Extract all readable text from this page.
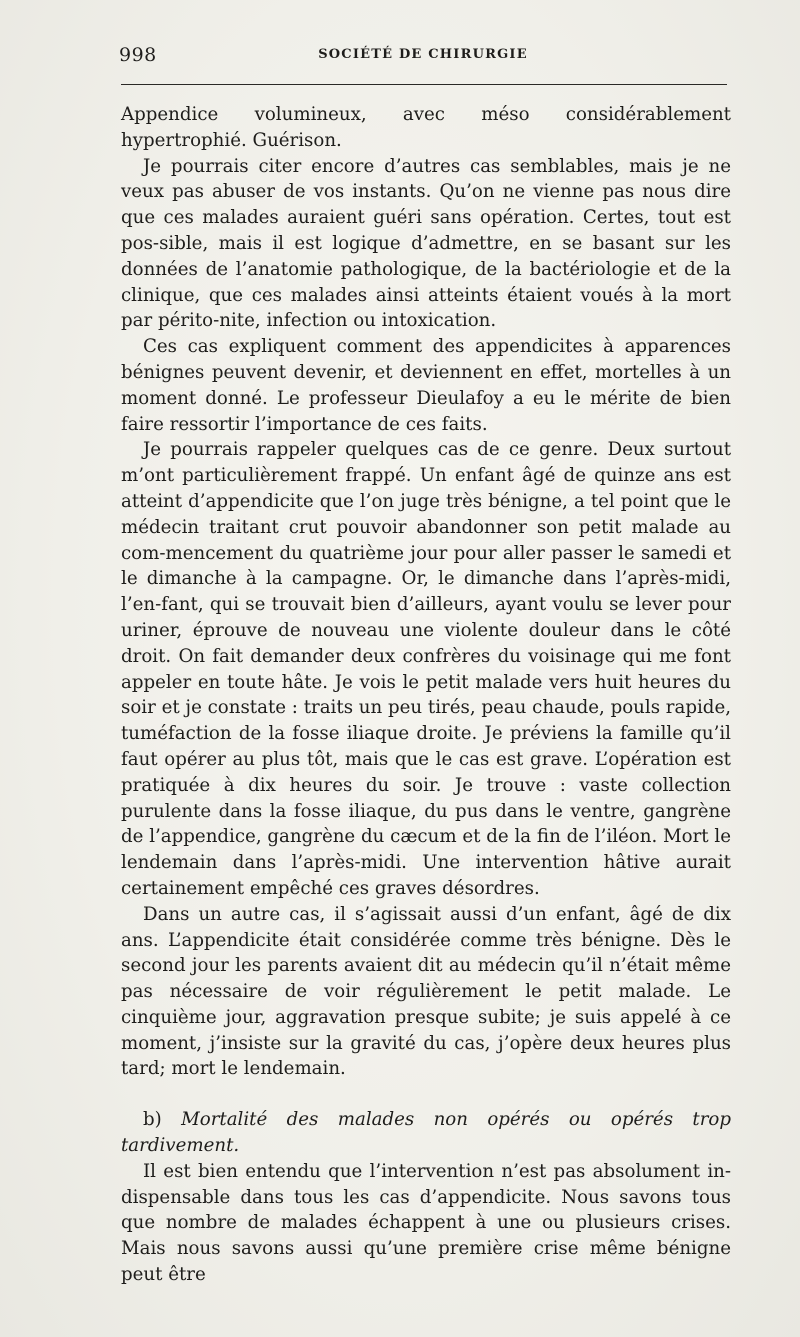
998	SOCIÉTÉ DE CHIRURGIE

Appendice volumineux, avec méso considérablement hypertrophié. Guérison.

Je pourrais citer encore d’autres cas semblables, mais je ne veux pas abuser de vos instants. Qu’on ne vienne pas nous dire que ces malades auraient guéri sans opération. Certes, tout est pos-sible, mais il est logique d’admettre, en se basant sur les données de l’anatomie pathologique, de la bactériologie et de la clinique, que ces malades ainsi atteints étaient voués à la mort par périto-nite, infection ou intoxication.

Ces cas expliquent comment des appendicites à apparences bénignes peuvent devenir, et deviennent en effet, mortelles à un moment donné. Le professeur Dieulafoy a eu le mérite de bien faire ressortir l’importance de ces faits.

Je pourrais rappeler quelques cas de ce genre. Deux surtout m’ont particulièrement frappé. Un enfant âgé de quinze ans est atteint d’appendicite que l’on juge très bénigne, a tel point que le médecin traitant crut pouvoir abandonner son petit malade au com-mencement du quatrième jour pour aller passer le samedi et le dimanche à la campagne. Or, le dimanche dans l’après-midi, l’en-fant, qui se trouvait bien d’ailleurs, ayant voulu se lever pour uriner, éprouve de nouveau une violente douleur dans le côté droit. On fait demander deux confrères du voisinage qui me font appeler en toute hâte. Je vois le petit malade vers huit heures du soir et je constate : traits un peu tirés, peau chaude, pouls rapide, tuméfaction de la fosse iliaque droite. Je préviens la famille qu’il faut opérer au plus tôt, mais que le cas est grave. L’opération est pratiquée à dix heures du soir. Je trouve : vaste collection purulente dans la fosse iliaque, du pus dans le ventre, gangrène de l’appendice, gangrène du cæcum et de la fin de l’iléon. Mort le lendemain dans l’après-midi. Une intervention hâtive aurait certainement empêché ces graves désordres.

Dans un autre cas, il s’agissait aussi d’un enfant, âgé de dix ans. L’appendicite était considérée comme très bénigne. Dès le second jour les parents avaient dit au médecin qu’il n’était même pas nécessaire de voir régulièrement le petit malade. Le cinquième jour, aggravation presque subite; je suis appelé à ce moment, j’insiste sur la gravité du cas, j’opère deux heures plus tard; mort le lendemain.

b) Mortalité des malades non opérés ou opérés trop tardivement.

Il est bien entendu que l’intervention n’est pas absolument in-dispensable dans tous les cas d’appendicite. Nous savons tous que nombre de malades échappent à une ou plusieurs crises. Mais nous savons aussi qu’une première crise même bénigne peut être
